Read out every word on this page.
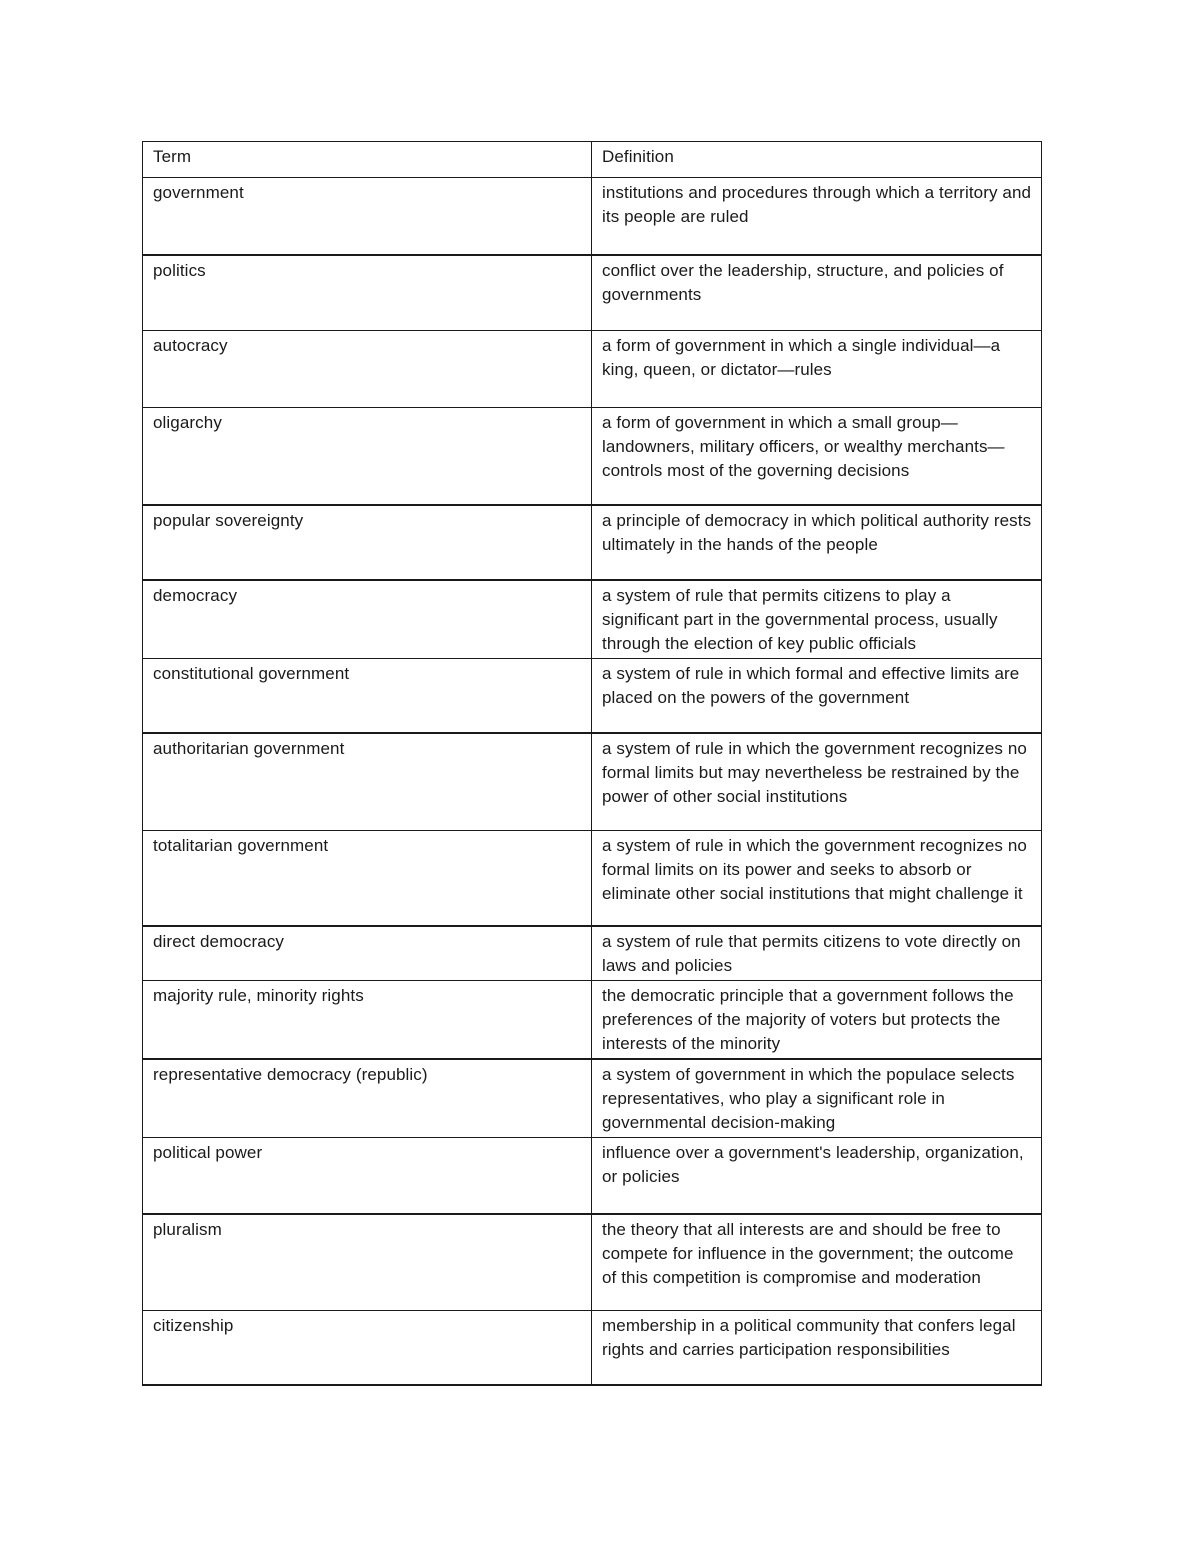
Term	Definition
government	institutions and procedures through which a territory and its people are ruled
politics	conflict over the leadership, structure, and policies of governments
autocracy	a form of government in which a single individual—a king, queen, or dictator—rules
oligarchy	a form of government in which a small group—landowners, military officers, or wealthy merchants—controls most of the governing decisions
popular sovereignty	a principle of democracy in which political authority rests ultimately in the hands of the people
democracy	a system of rule that permits citizens to play a significant part in the governmental process, usually through the election of key public officials
constitutional government	a system of rule in which formal and effective limits are placed on the powers of the government
authoritarian government	a system of rule in which the government recognizes no formal limits but may nevertheless be restrained by the power of other social institutions
totalitarian government	a system of rule in which the government recognizes no formal limits on its power and seeks to absorb or eliminate other social institutions that might challenge it
direct democracy	a system of rule that permits citizens to vote directly on laws and policies
majority rule, minority rights	the democratic principle that a government follows the preferences of the majority of voters but protects the interests of the minority
representative democracy (republic)	a system of government in which the populace selects representatives, who play a significant role in governmental decision-making
political power	influence over a government's leadership, organization, or policies
pluralism	the theory that all interests are and should be free to compete for influence in the government; the outcome of this competition is compromise and moderation
citizenship	membership in a political community that confers legal rights and carries participation responsibilities
